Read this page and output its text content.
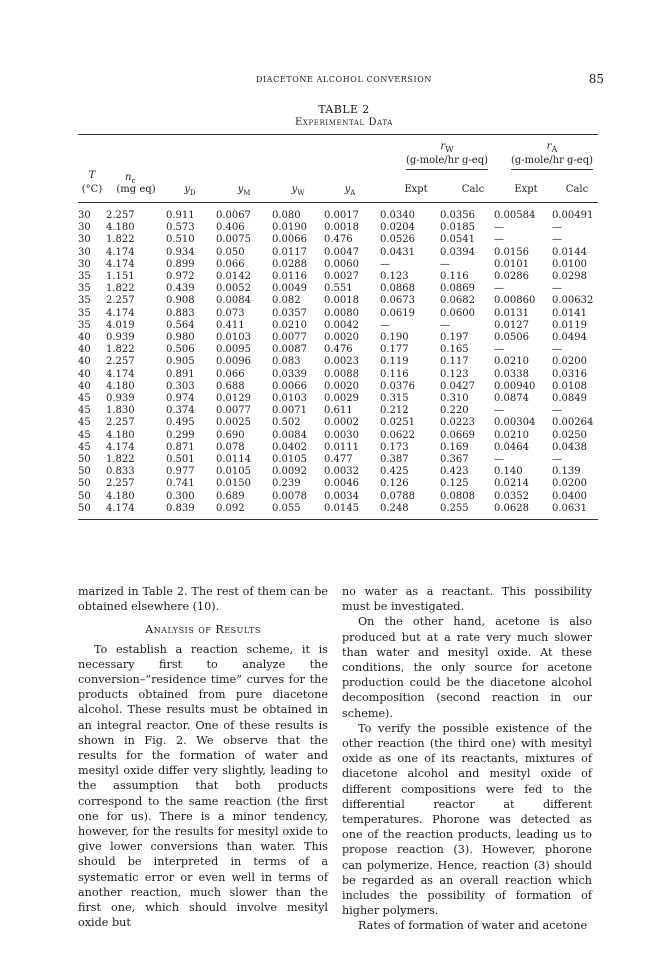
DIACETONE ALCOHOL CONVERSION	85
TABLE 2
Experimental Data
$r_W$
(g-mole/hr g-eq)
$r_A$
(g-mole/hr g-eq)
T	$n_c$
(°C) (mg eq)	$y_D$	$y_M$	$y_W$	$y_A$	Expt	Calc	Expt	Calc
30	2.257	0.911	0.0067	0.080	0.0017	0.0340	0.0356	0.00584	0.00491
30	4.180	0.573	0.406	0.0190	0.0018	0.0204	0.0185	—	—
30	1.822	0.510	0.0075	0.0066	0.476	0.0526	0.0541	—	—
30	4.174	0.934	0.050	0.0117	0.0047	0.0431	0.0394	0.0156	0.0144
30	4.174	0.899	0.066	0.0288	0.0060	—	—	0.0101	0.0100
35	1.151	0.972	0.0142	0.0116	0.0027	0.123	0.116	0.0286	0.0298
35	1.822	0.439	0.0052	0.0049	0.551	0.0868	0.0869	—	—
35	2.257	0.908	0.0084	0.082	0.0018	0.0673	0.0682	0.00860	0.00632
35	4.174	0.883	0.073	0.0357	0.0080	0.0619	0.0600	0.0131	0.0141
35	4.019	0.564	0.411	0.0210	0.0042	—	—	0.0127	0.0119
40	0.939	0.980	0.0103	0.0077	0.0020	0.190	0.197	0.0506	0.0494
40	1.822	0.506	0.0095	0.0087	0.476	0.177	0.165	—	—
40	2.257	0.905	0.0096	0.083	0.0023	0.119	0.117	0.0210	0.0200
40	4.174	0.891	0.066	0.0339	0.0088	0.116	0.123	0.0338	0.0316
40	4.180	0.303	0.688	0.0066	0.0020	0.0376	0.0427	0.00940	0.0108
45	0.939	0.974	0.0129	0.0103	0.0029	0.315	0.310	0.0874	0.0849
45	1.830	0.374	0.0077	0.0071	0.611	0.212	0.220	—	—
45	2.257	0.495	0.0025	0.502	0.0002	0.0251	0.0223	0.00304	0.00264
45	4.180	0.299	0.690	0.0084	0.0030	0.0622	0.0669	0.0210	0.0250
45	4.174	0.871	0.078	0.0402	0.0111	0.173	0.169	0.0464	0.0438
50	1.822	0.501	0.0114	0.0105	0.477	0.387	0.367	—	—
50	0.833	0.977	0.0105	0.0092	0.0032	0.425	0.423	0.140	0.139
50	2.257	0.741	0.0150	0.239	0.0046	0.126	0.125	0.0214	0.0200
50	4.180	0.300	0.689	0.0078	0.0034	0.0788	0.0808	0.0352	0.0400
50	4.174	0.839	0.092	0.055	0.0145	0.248	0.255	0.0628	0.0631

marized in Table 2. The rest of them can be obtained elsewhere (10).

Analysis of Results

To establish a reaction scheme, it is necessary first to analyze the conversion–“residence time” curves for the products obtained from pure diacetone alcohol. These results must be obtained in an integral reactor. One of these results is shown in Fig. 2. We observe that the results for the formation of water and mesityl oxide differ very slightly, leading to the assumption that both products correspond to the same reaction (the first one for us). There is a minor tendency, however, for the results for mesityl oxide to give lower conversions than water. This should be interpreted in terms of a systematic error or even well in terms of another reaction, much slower than the first one, which should involve mesityl oxide but

no water as a reactant. This possibility must be investigated.

On the other hand, acetone is also produced but at a rate very much slower than water and mesityl oxide. At these conditions, the only source for acetone production could be the diacetone alcohol decomposition (second reaction in our scheme).

To verify the possible existence of the other reaction (the third one) with mesityl oxide as one of its reactants, mixtures of diacetone alcohol and mesityl oxide of different compositions were fed to the differential reactor at different temperatures. Phorone was detected as one of the reaction products, leading us to propose reaction (3). However, phorone can polymerize. Hence, reaction (3) should be regarded as an overall reaction which includes the possibility of formation of higher polymers.

Rates of formation of water and acetone
